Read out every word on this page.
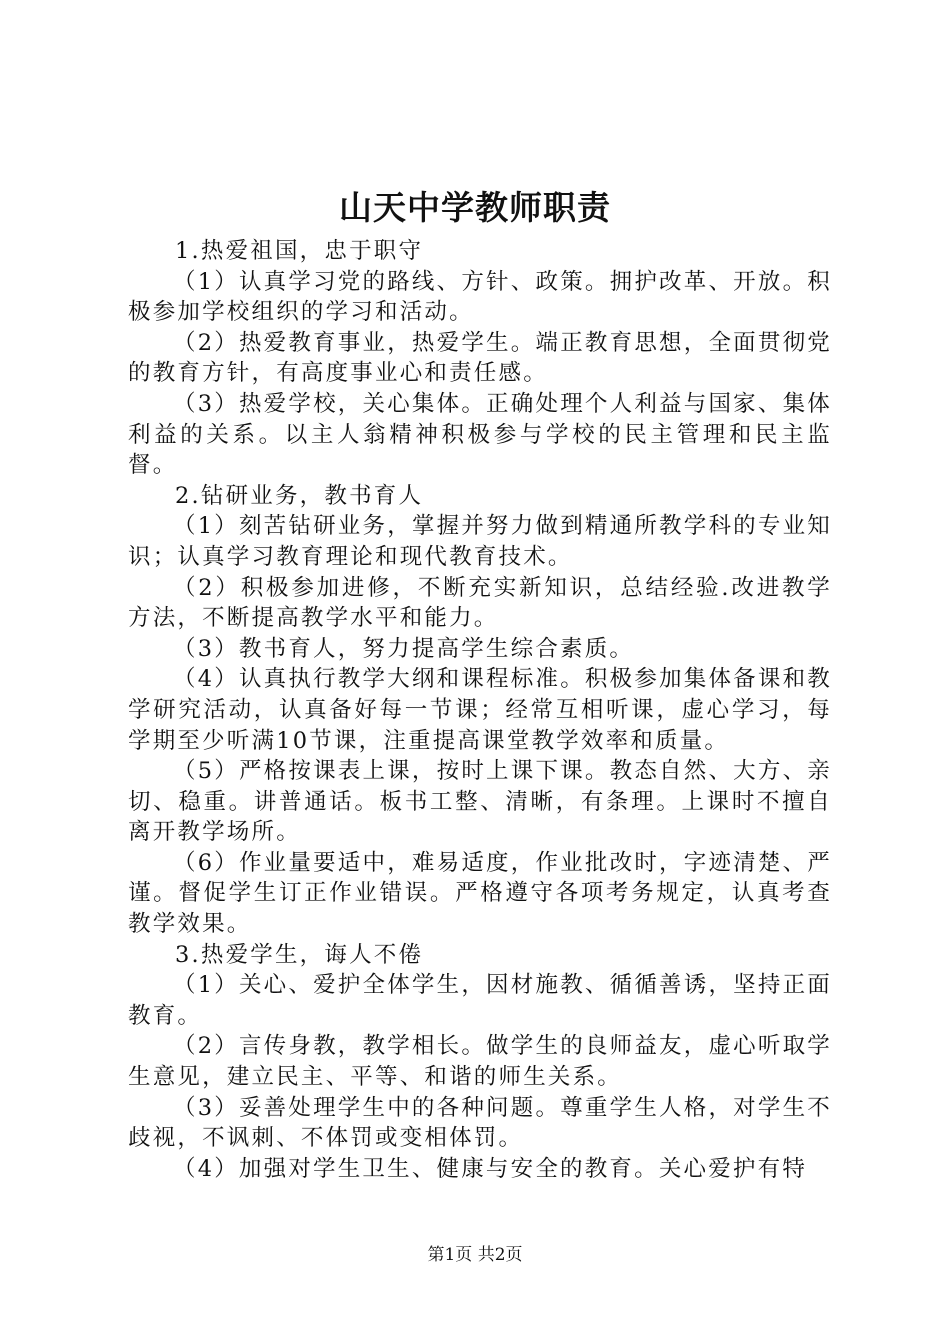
山天中学教师职责

1.热爱祖国，忠于职守

（1）认真学习党的路线、方针、政策。拥护改革、开放。积极参加学校组织的学习和活动。

（2）热爱教育事业，热爱学生。端正教育思想，全面贯彻党的教育方针，有高度事业心和责任感。

（3）热爱学校，关心集体。正确处理个人利益与国家、集体利益的关系。以主人翁精神积极参与学校的民主管理和民主监督。

2.钻研业务，教书育人

（1）刻苦钻研业务，掌握并努力做到精通所教学科的专业知识；认真学习教育理论和现代教育技术。

（2）积极参加进修，不断充实新知识，总结经验.改进教学方法，不断提高教学水平和能力。

（3）教书育人，努力提高学生综合素质。

（4）认真执行教学大纲和课程标准。积极参加集体备课和教学研究活动，认真备好每一节课；经常互相听课，虚心学习，每学期至少听满10节课，注重提高课堂教学效率和质量。

（5）严格按课表上课，按时上课下课。教态自然、大方、亲切、稳重。讲普通话。板书工整、清晰，有条理。上课时不擅自离开教学场所。

（6）作业量要适中，难易适度，作业批改时，字迹清楚、严谨。督促学生订正作业错误。严格遵守各项考务规定，认真考查教学效果。

3.热爱学生，诲人不倦

（1）关心、爱护全体学生，因材施教、循循善诱，坚持正面教育。

（2）言传身教，教学相长。做学生的良师益友，虚心听取学生意见，建立民主、平等、和谐的师生关系。

（3）妥善处理学生中的各种问题。尊重学生人格，对学生不歧视，不讽刺、不体罚或变相体罚。

（4）加强对学生卫生、健康与安全的教育。关心爱护有特

第1页 共2页
